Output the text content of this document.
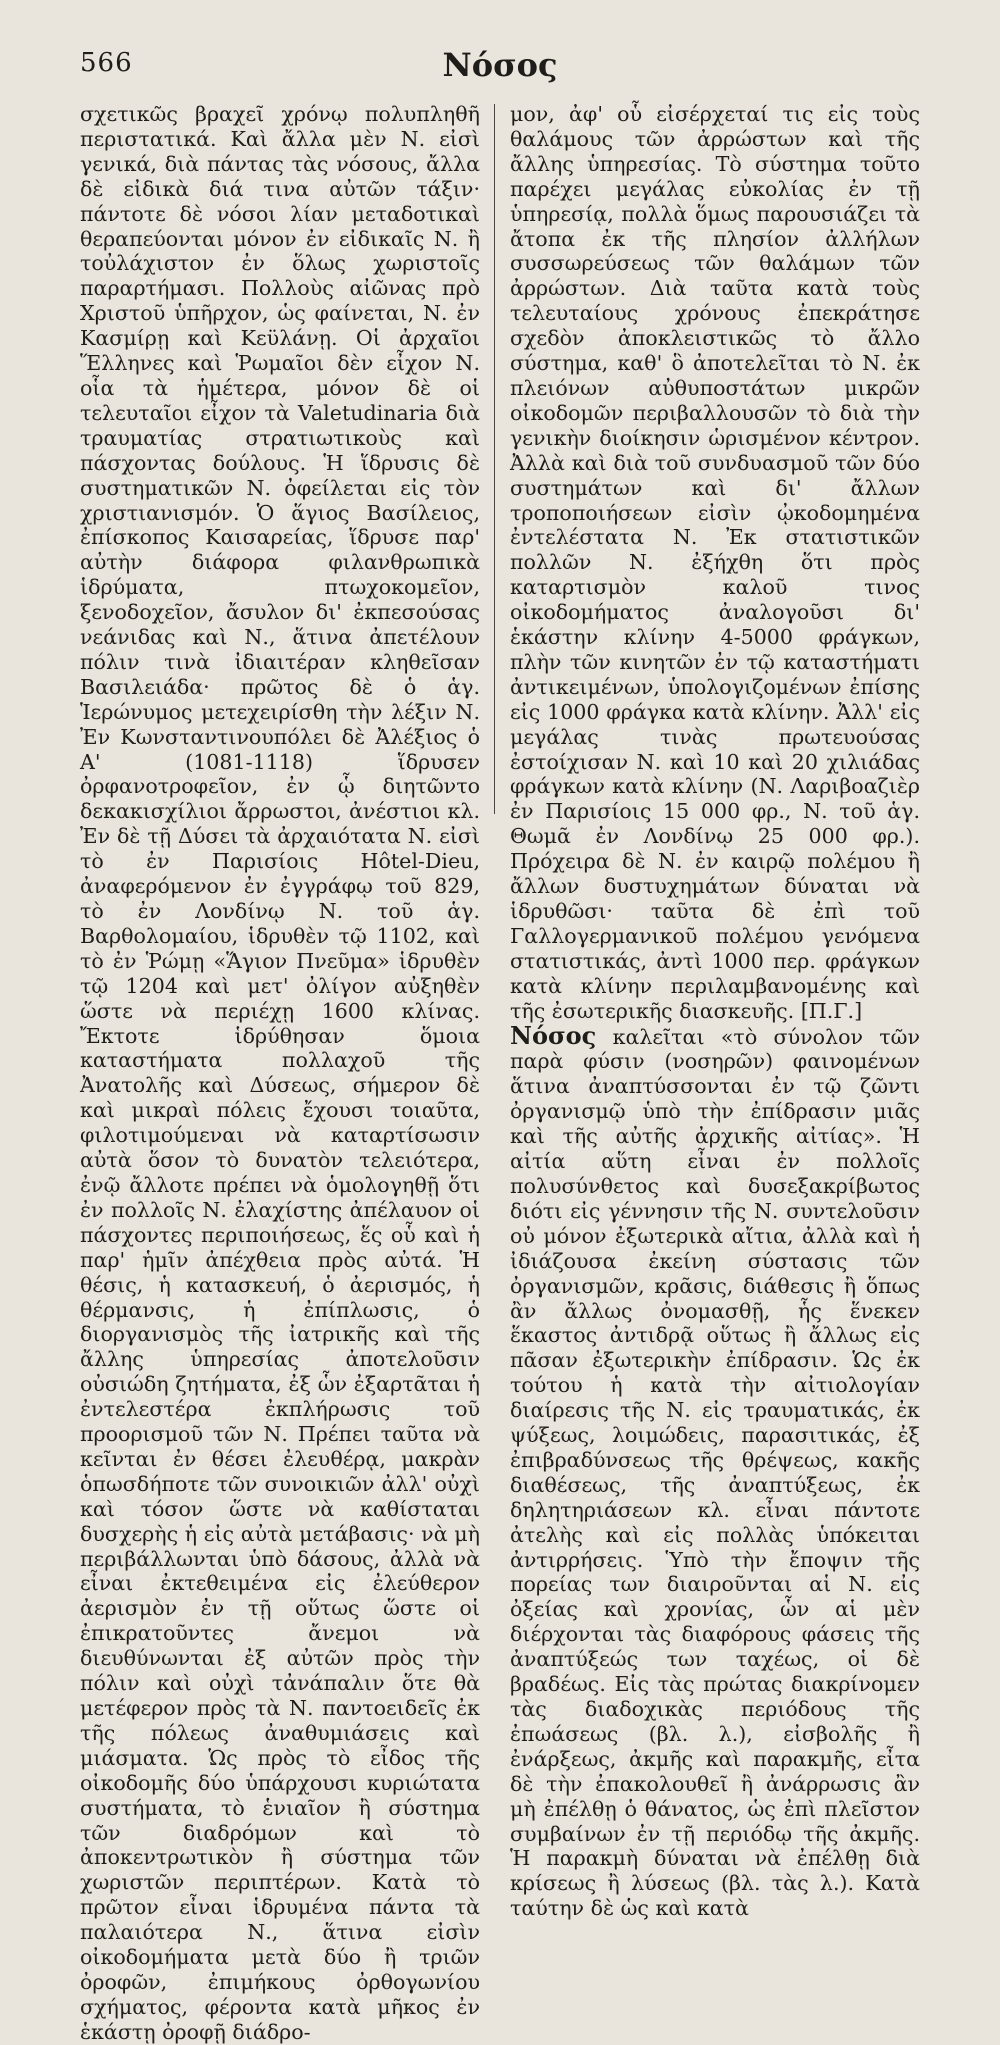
566	Νόσος

σχετικῶς βραχεῖ χρόνῳ πολυπληθῆ περιστατικά. Καὶ ἄλλα μὲν Ν. εἰσὶ γενικά, διὰ πάντας τὰς νόσους, ἄλλα δὲ εἰδικὰ διά τινα αὐτῶν τάξιν· πάντοτε δὲ νόσοι λίαν μεταδοτικαὶ θεραπεύονται μόνον ἐν εἰδικαῖς Ν. ἢ τοὐλάχιστον ἐν ὅλως χωριστοῖς παραρτήμασι. Πολλοὺς αἰῶνας πρὸ Χριστοῦ ὑπῆρχον, ὡς φαίνεται, Ν. ἐν Κασμίρῃ καὶ Κεϋλάνῃ. Οἱ ἀρχαῖοι Ἕλληνες καὶ Ῥωμαῖοι δὲν εἶχον Ν. οἷα τὰ ἡμέτερα, μόνον δὲ οἱ τελευταῖοι εἶχον τὰ Valetudinaria διὰ τραυματίας στρατιωτικοὺς καὶ πάσχοντας δούλους. Ἡ ἵδρυσις δὲ συστηματικῶν Ν. ὀφείλεται εἰς τὸν χριστιανισμόν. Ὁ ἅγιος Βασίλειος, ἐπίσκοπος Καισαρείας, ἵδρυσε παρ' αὐτὴν διάφορα φιλανθρωπικὰ ἱδρύματα, πτωχοκομεῖον, ξενοδοχεῖον, ἄσυλον δι' ἐκπεσούσας νεάνιδας καὶ Ν., ἅτινα ἀπετέλουν πόλιν τινὰ ἰδιαιτέραν κληθεῖσαν Βασιλειάδα· πρῶτος δὲ ὁ ἁγ. Ἱερώνυμος μετεχειρίσθη τὴν λέξιν Ν. Ἐν Κωνσταντινουπόλει δὲ Ἀλέξιος ὁ Α' (1081-1118) ἵδρυσεν ὀρφανοτροφεῖον, ἐν ᾧ διητῶντο δεκακισχίλιοι ἄρρωστοι, ἀνέστιοι κλ. Ἐν δὲ τῇ Δύσει τὰ ἀρχαιότατα Ν. εἰσὶ τὸ ἐν Παρισίοις Hôtel-Dieu, ἀναφερόμενον ἐν ἐγγράφῳ τοῦ 829, τὸ ἐν Λονδίνῳ Ν. τοῦ ἁγ. Βαρθολομαίου, ἱδρυθὲν τῷ 1102, καὶ τὸ ἐν Ῥώμῃ «Ἅγιον Πνεῦμα» ἱδρυθὲν τῷ 1204 καὶ μετ' ὀλίγον αὐξηθὲν ὥστε νὰ περιέχῃ 1600 κλίνας. Ἔκτοτε ἱδρύθησαν ὅμοια καταστήματα πολλαχοῦ τῆς Ἀνατολῆς καὶ Δύσεως, σήμερον δὲ καὶ μικραὶ πόλεις ἔχουσι τοιαῦτα, φιλοτιμούμεναι νὰ καταρτίσωσιν αὐτὰ ὅσον τὸ δυνατὸν τελειότερα, ἐνῷ ἄλλοτε πρέπει νὰ ὁμολογηθῇ ὅτι ἐν πολλοῖς Ν. ἐλαχίστης ἀπέλαυον οἱ πάσχοντες περιποιήσεως, ἕς οὗ καὶ ἡ παρ' ἡμῖν ἀπέχθεια πρὸς αὐτά. Ἡ θέσις, ἡ κατασκευή, ὁ ἀερισμός, ἡ θέρμανσις, ἡ ἐπίπλωσις, ὁ διοργανισμὸς τῆς ἰατρικῆς καὶ τῆς ἄλλης ὑπηρεσίας ἀποτελοῦσιν οὐσιώδη ζητήματα, ἐξ ὧν ἐξαρτᾶται ἡ ἐντελεστέρα ἐκπλήρωσις τοῦ προορισμοῦ τῶν Ν. Πρέπει ταῦτα νὰ κεῖνται ἐν θέσει ἐλευθέρᾳ, μακρὰν ὁπωσδήποτε τῶν συνοικιῶν ἀλλ' οὐχὶ καὶ τόσον ὥστε νὰ καθίσταται δυσχερὴς ἡ εἰς αὐτὰ μετάβασις· νὰ μὴ περιβάλλωνται ὑπὸ δάσους, ἀλλὰ νὰ εἶναι ἐκτεθειμένα εἰς ἐλεύθερον ἀερισμὸν ἐν τῇ οὕτως ὥστε οἱ ἐπικρατοῦντες ἄνεμοι νὰ διευθύνωνται ἐξ αὐτῶν πρὸς τὴν πόλιν καὶ οὐχὶ τἀνάπαλιν ὅτε θὰ μετέφερον πρὸς τὰ Ν. παντοειδεῖς ἐκ τῆς πόλεως ἀναθυμιάσεις καὶ μιάσματα. Ὡς πρὸς τὸ εἶδος τῆς οἰκοδομῆς δύο ὑπάρχουσι κυριώτατα συστήματα, τὸ ἑνιαῖον ἢ σύστημα τῶν διαδρόμων καὶ τὸ ἀποκεντρωτικὸν ἢ σύστημα τῶν χωριστῶν περιπτέρων. Κατὰ τὸ πρῶτον εἶναι ἱδρυμένα πάντα τὰ παλαιότερα Ν., ἅτινα εἰσὶν οἰκοδομήματα μετὰ δύο ἢ τριῶν ὀροφῶν, ἐπιμήκους ὀρθογωνίου σχήματος, φέροντα κατὰ μῆκος ἐν ἑκάστῃ ὀροφῇ διάδρο-

μον, ἀφ' οὗ εἰσέρχεταί τις εἰς τοὺς θαλάμους τῶν ἀρρώστων καὶ τῆς ἄλλης ὑπηρεσίας. Τὸ σύστημα τοῦτο παρέχει μεγάλας εὐκολίας ἐν τῇ ὑπηρεσίᾳ, πολλὰ ὅμως παρουσιάζει τὰ ἄτοπα ἐκ τῆς πλησίον ἀλλήλων συσσωρεύσεως τῶν θαλάμων τῶν ἀρρώστων. Διὰ ταῦτα κατὰ τοὺς τελευταίους χρόνους ἐπεκράτησε σχεδὸν ἀποκλειστικῶς τὸ ἄλλο σύστημα, καθ' ὃ ἀποτελεῖται τὸ Ν. ἐκ πλειόνων αὐθυποστάτων μικρῶν οἰκοδομῶν περιβαλλουσῶν τὸ διὰ τὴν γενικὴν διοίκησιν ὡρισμένον κέντρον. Ἀλλὰ καὶ διὰ τοῦ συνδυασμοῦ τῶν δύο συστημάτων καὶ δι' ἄλλων τροποποιήσεων εἰσὶν ᾠκοδομημένα ἐντελέστατα Ν. Ἐκ στατιστικῶν πολλῶν Ν. ἐξήχθη ὅτι πρὸς καταρτισμὸν καλοῦ τινος οἰκοδομήματος ἀναλογοῦσι δι' ἑκάστην κλίνην 4-5000 φράγκων, πλὴν τῶν κινητῶν ἐν τῷ καταστήματι ἀντικειμένων, ὑπολογιζομένων ἐπίσης εἰς 1000 φράγκα κατὰ κλίνην. Ἀλλ' εἰς μεγάλας τινὰς πρωτευούσας ἐστοίχισαν Ν. καὶ 10 καὶ 20 χιλιάδας φράγκων κατὰ κλίνην (Ν. Λαριβοαζιὲρ ἐν Παρισίοις 15 000 φρ., Ν. τοῦ ἁγ. Θωμᾶ ἐν Λονδίνῳ 25 000 φρ.). Πρόχειρα δὲ Ν. ἐν καιρῷ πολέμου ἢ ἄλλων δυστυχημάτων δύναται νὰ ἱδρυθῶσι· ταῦτα δὲ ἐπὶ τοῦ Γαλλογερμανικοῦ πολέμου γενόμενα στατιστικάς, ἀντὶ 1000 περ. φράγκων κατὰ κλίνην περιλαμβανομένης καὶ τῆς ἐσωτερικῆς διασκευῆς. [Π.Γ.]

Νόσος καλεῖται «τὸ σύνολον τῶν παρὰ φύσιν (νοσηρῶν) φαινομένων ἅτινα ἀναπτύσσονται ἐν τῷ ζῶντι ὀργανισμῷ ὑπὸ τὴν ἐπίδρασιν μιᾶς καὶ τῆς αὐτῆς ἀρχικῆς αἰτίας». Ἡ αἰτία αὕτη εἶναι ἐν πολλοῖς πολυσύνθετος καὶ δυσεξακρίβωτος διότι εἰς γέννησιν τῆς Ν. συντελοῦσιν οὐ μόνον ἐξωτερικὰ αἴτια, ἀλλὰ καὶ ἡ ἰδιάζουσα ἐκείνη σύστασις τῶν ὀργανισμῶν, κρᾶσις, διάθεσις ἢ ὅπως ἂν ἄλλως ὀνομασθῇ, ἧς ἕνεκεν ἕκαστος ἀντιδρᾷ οὕτως ἢ ἄλλως εἰς πᾶσαν ἐξωτερικὴν ἐπίδρασιν. Ὡς ἐκ τούτου ἡ κατὰ τὴν αἰτιολογίαν διαίρεσις τῆς Ν. εἰς τραυματικάς, ἐκ ψύξεως, λοιμώδεις, παρασιτικάς, ἐξ ἐπιβραδύνσεως τῆς θρέψεως, κακῆς διαθέσεως, τῆς ἀναπτύξεως, ἐκ δηλητηριάσεων κλ. εἶναι πάντοτε ἀτελὴς καὶ εἰς πολλὰς ὑπόκειται ἀντιρρήσεις. Ὑπὸ τὴν ἔποψιν τῆς πορείας των διαιροῦνται αἱ Ν. εἰς ὀξείας καὶ χρονίας, ὧν αἱ μὲν διέρχονται τὰς διαφόρους φάσεις τῆς ἀναπτύξεώς των ταχέως, οἱ δὲ βραδέως. Εἰς τὰς πρώτας διακρίνομεν τὰς διαδοχικὰς περιόδους τῆς ἐπωάσεως (βλ. λ.), εἰσβολῆς ἢ ἐνάρξεως, ἀκμῆς καὶ παρακμῆς, εἶτα δὲ τὴν ἐπακολουθεῖ ἢ ἀνάρρωσις ἂν μὴ ἐπέλθῃ ὁ θάνατος, ὡς ἐπὶ πλεῖστον συμβαίνων ἐν τῇ περιόδῳ τῆς ἀκμῆς. Ἡ παρακμὴ δύναται νὰ ἐπέλθῃ διὰ κρίσεως ἢ λύσεως (βλ. τὰς λ.). Κατὰ ταύτην δὲ ὡς καὶ κατὰ
